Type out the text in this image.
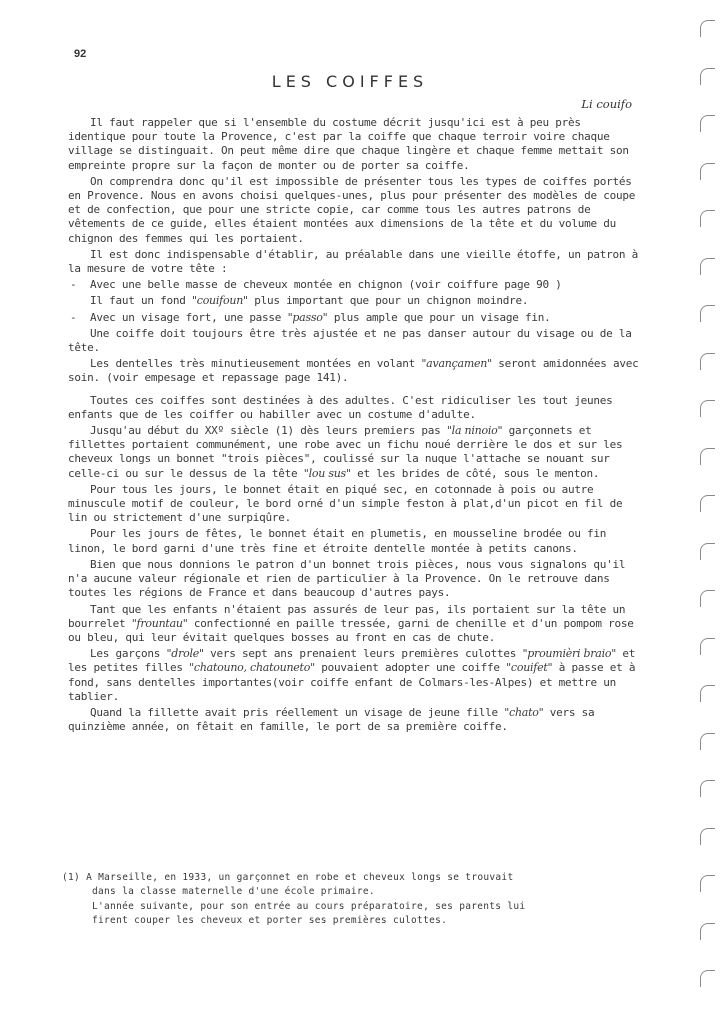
92
LES COIFFES
Li couifo

Il faut rappeler que si l'ensemble du costume décrit jusqu'ici est à peu près identique pour toute la Provence, c'est par la coiffe que chaque terroir voire chaque village se distinguait. On peut même dire que chaque lingère et chaque femme mettait son empreinte propre sur la façon de monter ou de porter sa coiffe.

On comprendra donc qu'il est impossible de présenter tous les types de coiffes portés en Provence. Nous en avons choisi quelques-unes, plus pour présenter des modèles de coupe et de confection, que pour une stricte copie, car comme tous les autres patrons de vêtements de ce guide, elles étaient montées aux dimensions de la tête et du volume du chignon des femmes qui les portaient.

Il est donc indispensable d'établir, au préalable dans une vieille étoffe, un patron à la mesure de votre tête :

- Avec une belle masse de cheveux montée en chignon (voir coiffure page 90 )

Il faut un fond "couifoun" plus important que pour un chignon moindre.

- Avec un visage fort, une passe "passo" plus ample que pour un visage fin.

Une coiffe doit toujours être très ajustée et ne pas danser autour du visage ou de la tête.

Les dentelles très minutieusement montées en volant "avançamen" seront amidonnées avec soin. (voir empesage et repassage page 141).

Toutes ces coiffes sont destinées à des adultes. C'est ridiculiser les tout jeunes enfants que de les coiffer ou habiller avec un costume d'adulte.

Jusqu'au début du XXº siècle (1) dès leurs premiers pas "la ninoio" garçonnets et fillettes portaient communément, une robe avec un fichu noué derrière le dos et sur les cheveux longs un bonnet "trois pièces", coulissé sur la nuque l'attache se nouant sur celle-ci ou sur le dessus de la tête "lou sus" et les brides de côté, sous le menton.

Pour tous les jours, le bonnet était en piqué sec, en cotonnade à pois ou autre minuscule motif de couleur, le bord orné d'un simple feston à plat,d'un picot en fil de lin ou strictement d'une surpiqûre.

Pour les jours de fêtes, le bonnet était en plumetis, en mousseline brodée ou fin linon, le bord garni d'une très fine et étroite dentelle montée à petits canons.

Bien que nous donnions le patron d'un bonnet trois pièces, nous vous signalons qu'il n'a aucune valeur régionale et rien de particulier à la Provence. On le retrouve dans toutes les régions de France et dans beaucoup d'autres pays.

Tant que les enfants n'étaient pas assurés de leur pas, ils portaient sur la tête un bourrelet "frountau" confectionné en paille tressée, garni de chenille et d'un pompom rose ou bleu, qui leur évitait quelques bosses au front en cas de chute.

Les garçons "drole" vers sept ans prenaient leurs premières culottes "proumièri braio" et les petites filles "chatouno, chatouneto" pouvaient adopter une coiffe "couifet" à passe et à fond, sans dentelles importantes(voir coiffe enfant de Colmars-les-Alpes) et mettre un tablier.

Quand la fillette avait pris réellement un visage de jeune fille "chato" vers sa quinzième année, on fêtait en famille, le port de sa première coiffe.

(1) A Marseille, en 1933, un garçonnet en robe et cheveux longs se trouvait
dans la classe maternelle d'une école primaire.
L'année suivante, pour son entrée au cours préparatoire, ses parents lui
firent couper les cheveux et porter ses premières culottes.
